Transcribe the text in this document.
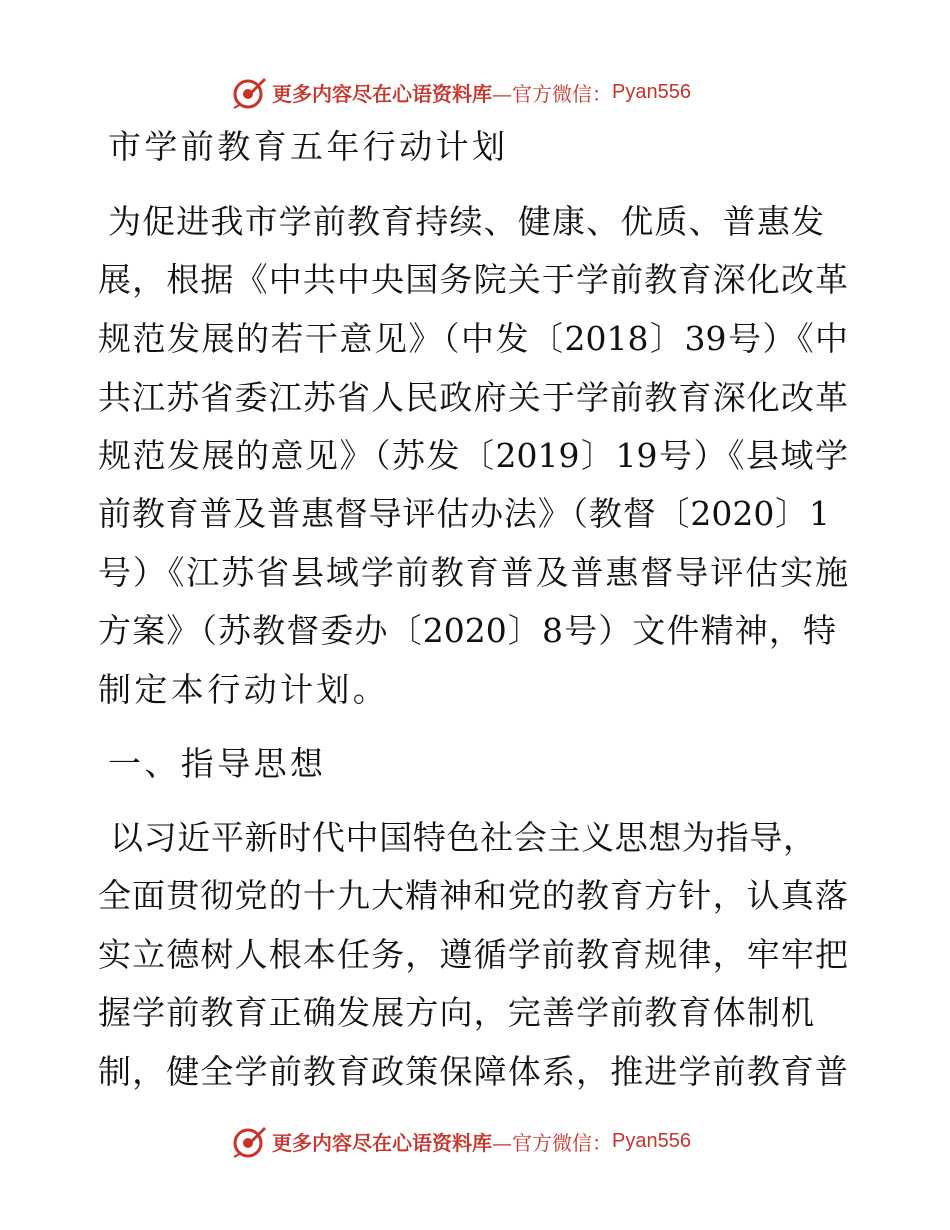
更多内容尽在心语资料库 —官方微信： Pyan556
市学前教育五年行动计划
为促进我市学前教育持续、健康、优质、普惠发
展，根据《中共中央国务院关于学前教育深化改革
规范发展的若干意见》（中发〔2018〕39号）《中
共江苏省委江苏省人民政府关于学前教育深化改革
规范发展的意见》（苏发〔2019〕19号）《县域学
前教育普及普惠督导评估办法》（教督〔2020〕1
号）《江苏省县域学前教育普及普惠督导评估实施
方案》（苏教督委办〔2020〕8号）文件精神，特
制定本行动计划。
一、指导思想
以习近平新时代中国特色社会主义思想为指导，
全面贯彻党的十九大精神和党的教育方针，认真落
实立德树人根本任务，遵循学前教育规律，牢牢把
握学前教育正确发展方向，完善学前教育体制机
制，健全学前教育政策保障体系，推进学前教育普
更多内容尽在心语资料库 —官方微信： Pyan556
